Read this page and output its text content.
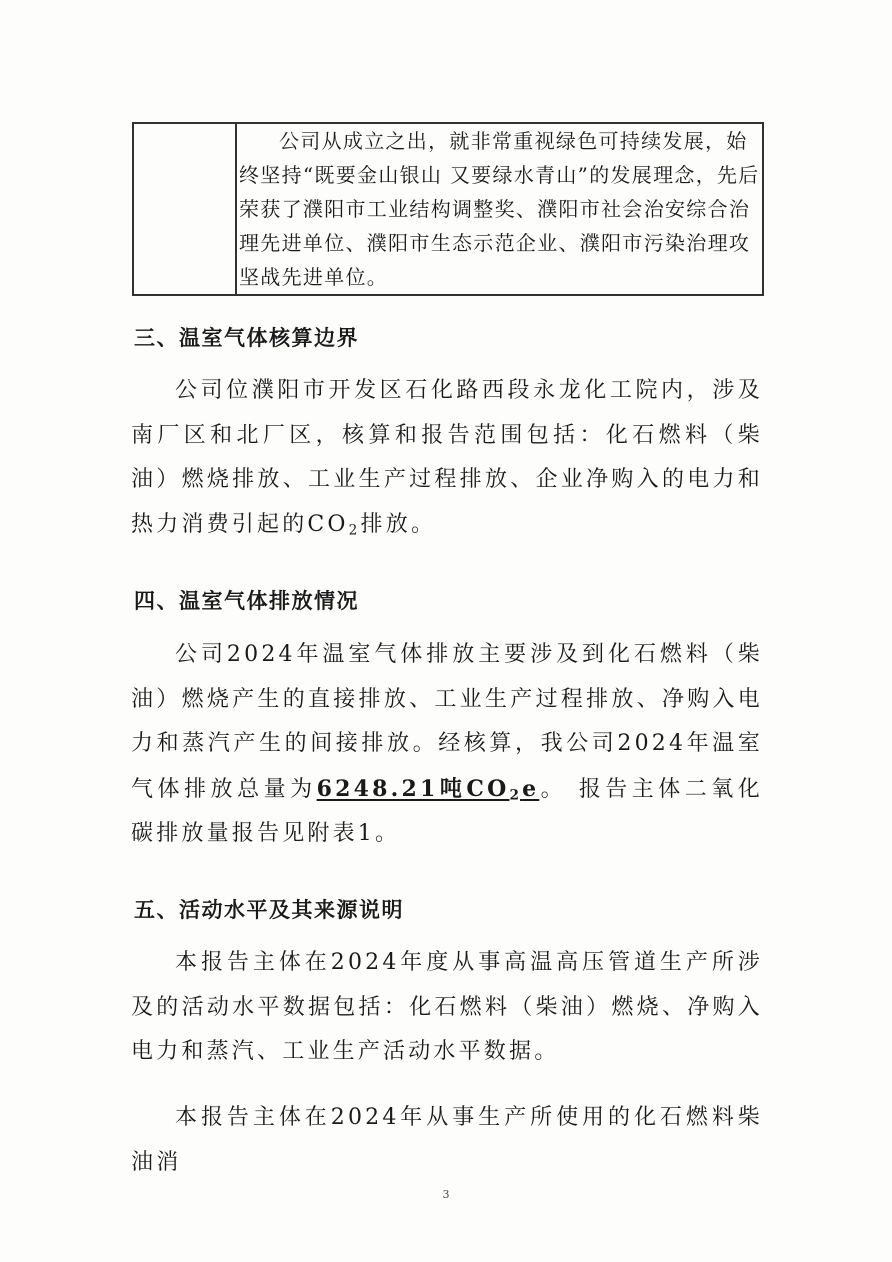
公司从成立之出，就非常重视绿色可持续发展，始终坚持“既要金山银山 又要绿水青山”的发展理念，先后荣获了濮阳市工业结构调整奖、濮阳市社会治安综合治理先进单位、濮阳市生态示范企业、濮阳市污染治理攻坚战先进单位。
三、温室气体核算边界
公司位濮阳市开发区石化路西段永龙化工院内，涉及南厂区和北厂区，核算和报告范围包括：化石燃料（柴油）燃烧排放、工业生产过程排放、企业净购入的电力和热力消费引起的$CO_2$排放。
四、温室气体排放情况
公司2024年温室气体排放主要涉及到化石燃料（柴油）燃烧产生的直接排放、工业生产过程排放、净购入电力和蒸汽产生的间接排放。经核算，我公司2024年温室气体排放总量为6248.21吨$CO_2e$。 报告主体二氧化碳排放量报告见附表1。
五、活动水平及其来源说明
本报告主体在2024年度从事高温高压管道生产所涉及的活动水平数据包括：化石燃料（柴油）燃烧、净购入电力和蒸汽、工业生产活动水平数据。
本报告主体在2024年从事生产所使用的化石燃料柴油消
3
